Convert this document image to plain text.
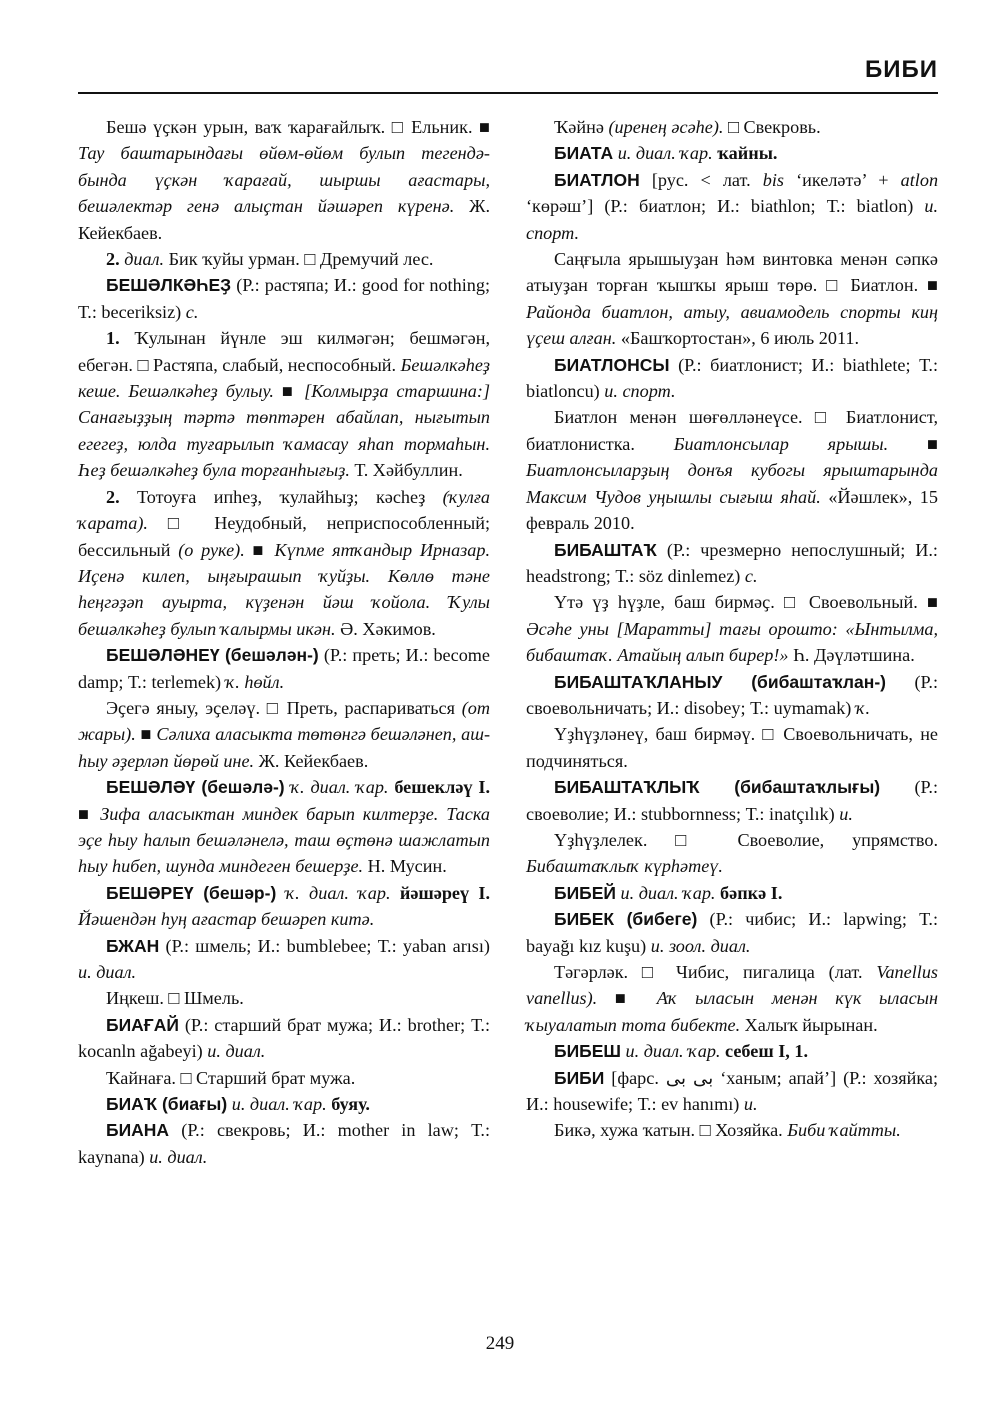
БИБИ

Бешә үҫкән урын, ваҡ ҡарағайлыҡ. □ Ельник. ■ Тау баштарындағы өйөм-өйөм булып тегендә-бында үҫкән ҡарағай, шыршы ағастары, бешәлектәр генә алыҫтан йәшәреп күренә. Ж. Кейекбаев.

2. диал. Бик ҡуйы урман. □ Дремучий лес.

БЕШӘЛКӘҺЕҘ (Р.: растяпа; И.: good for nothing; Т.: beceriksiz) с.

1. Ҡулынан йүнле эш килмәгән; бешмәгән, ебегән. □ Растяпа, слабый, неспособный. Бешәлкәһеҙ кеше. Бешәлкәһеҙ булыу. ■ [Колмырҙа старшина:] Санағыҙҙың тәртә төптәрен абайлап, нығытып егегеҙ, юлда туғарылып ҡамасау яһап тормаһын. Һеҙ бешәлкәһеҙ була торғанһығыҙ. Т. Хәйбуллин.

2. Тотоуға ипһеҙ, ҡулайһыҙ; кәсһеҙ (ҡулға ҡарата). □ Неудобный, неприспособленный; бессильный (о руке). ■ Күпме ятҡандыр Ирназар. Иҫенә килеп, ыңғырашып ҡуйҙы. Көллө тәне һеңгәҙәп ауырта, күҙенән йәш ҡойола. Ҡулы бешәлкәһеҙ булып ҡалырмы икән. Ә. Хәкимов.

БЕШӘЛӘНЕҮ (бешәлән-) (Р.: преть; И.: become damp; Т.: terlemek) ҡ. һөйл.

Эҫегә яныу, эҫеләү. □ Преть, распариваться (от жары). ■ Сәлиха аласыкта төтөнгә бешәләнеп, аш-һыу әҙерләп йөрөй ине. Ж. Кейекбаев.

БЕШӘЛӘҮ (бешәлә-) ҡ. диал. ҡар. бешекләү I. ■ Зифа аласыктан миндек барып килтерҙе. Таска эҫе һыу һалып бешәләнелә, таш өҫтөнә шажлатып һыу һибеп, шунда миндеген бешерҙе. Н. Мусин.

БЕШӘРЕҮ (бешәр-) ҡ. диал. ҡар. йәшәреү I. Йәшендән һуң ағастар бешәреп китә.

БЖАН (Р.: шмель; И.: bumblebee; Т.: yaban arısı) и. диал.

Иңкеш. □ Шмель.

БИАҒАЙ (Р.: старший брат мужа; И.: brother; Т.: kocanln ağabeyi) и. диал.

Ҡайнаға. □ Старший брат мужа.

БИАҠ (биағы) и. диал. ҡар. буяу.

БИАНА (Р.: свекровь; И.: mother in law; Т.: kaynana) и. диал.

Ҡәйнә (иренең әсәһе). □ Свекровь.

БИАТА и. диал. ҡар. ҡайны.

БИАТЛОН [рус. < лат. bis ‘икеләтә’ + atlon ‘көрәш’] (Р.: биатлон; И.: biathlon; Т.: biatlon) и. спорт.

Саңғыла ярышыуҙан һәм винтовка менән сәпкә атыуҙан торған ҡышҡы ярыш төрө. □ Биатлон. ■ Районда биатлон, атыу, авиамодель спорты киң үҫеш алған. «Башҡортостан», 6 июль 2011.

БИАТЛОНСЫ (Р.: биатлонист; И.: biathlete; Т.: biatloncu) и. спорт.

Биатлон менән шөғөлләнеүсе. □ Биатлонист, биатлонистка. Биатлонсылар ярышы. ■ Биатлонсыларҙың донъя кубогы ярыштарында Максим Чудов уңышлы сығыш яһай. «Йәшлек», 15 февраль 2010.

БИБАШТАҠ (Р.: чрезмерно непослушный; И.: headstrong; Т.: söz dinlemez) с.

Үтә үҙ һүҙле, баш бирмәҫ. □ Своевольный. ■ Әсәһе уны [Маратты] тағы орошто: «Ынтылма, бибаштаҡ. Атайың алып бирер!» Һ. Дәүләтшина.

БИБАШТАҠЛАНЫУ (бибаштаҡлан-) (Р.: своевольничать; И.: disobey; Т.: uymamak) ҡ.

Үҙһүҙләнеү, баш бирмәү. □ Своевольничать, не подчиняться.

БИБАШТАҠЛЫҠ (бибаштаҡлығы) (Р.: своеволие; И.: stubbornness; Т.: inatçılık) и.

Үҙһүҙлелек. □ Своеволие, упрямство. Бибаштаҡлыҡ күрһәтеү.

БИБЕЙ и. диал. ҡар. бәпкә I.

БИБЕК (бибеге) (Р.: чибис; И.: lapwing; Т.: bayağı kız kuşu) и. зоол. диал.

Тәгәрләк. □ Чибис, пигалица (лат. Vanellus vanellus). ■ Аҡ ыласын менән күк ыласын ҡыуалатып тота бибекте. Халыҡ йырынан.

БИБЕШ и. диал. ҡар. себеш I, 1.

БИБИ [фарс. بی بی ‘ханым; апай’] (Р.: хозяйка; И.: housewife; Т.: ev hanımı) и.

Бикә, хужа ҡатын. □ Хозяйка. Биби ҡайтты.

249
